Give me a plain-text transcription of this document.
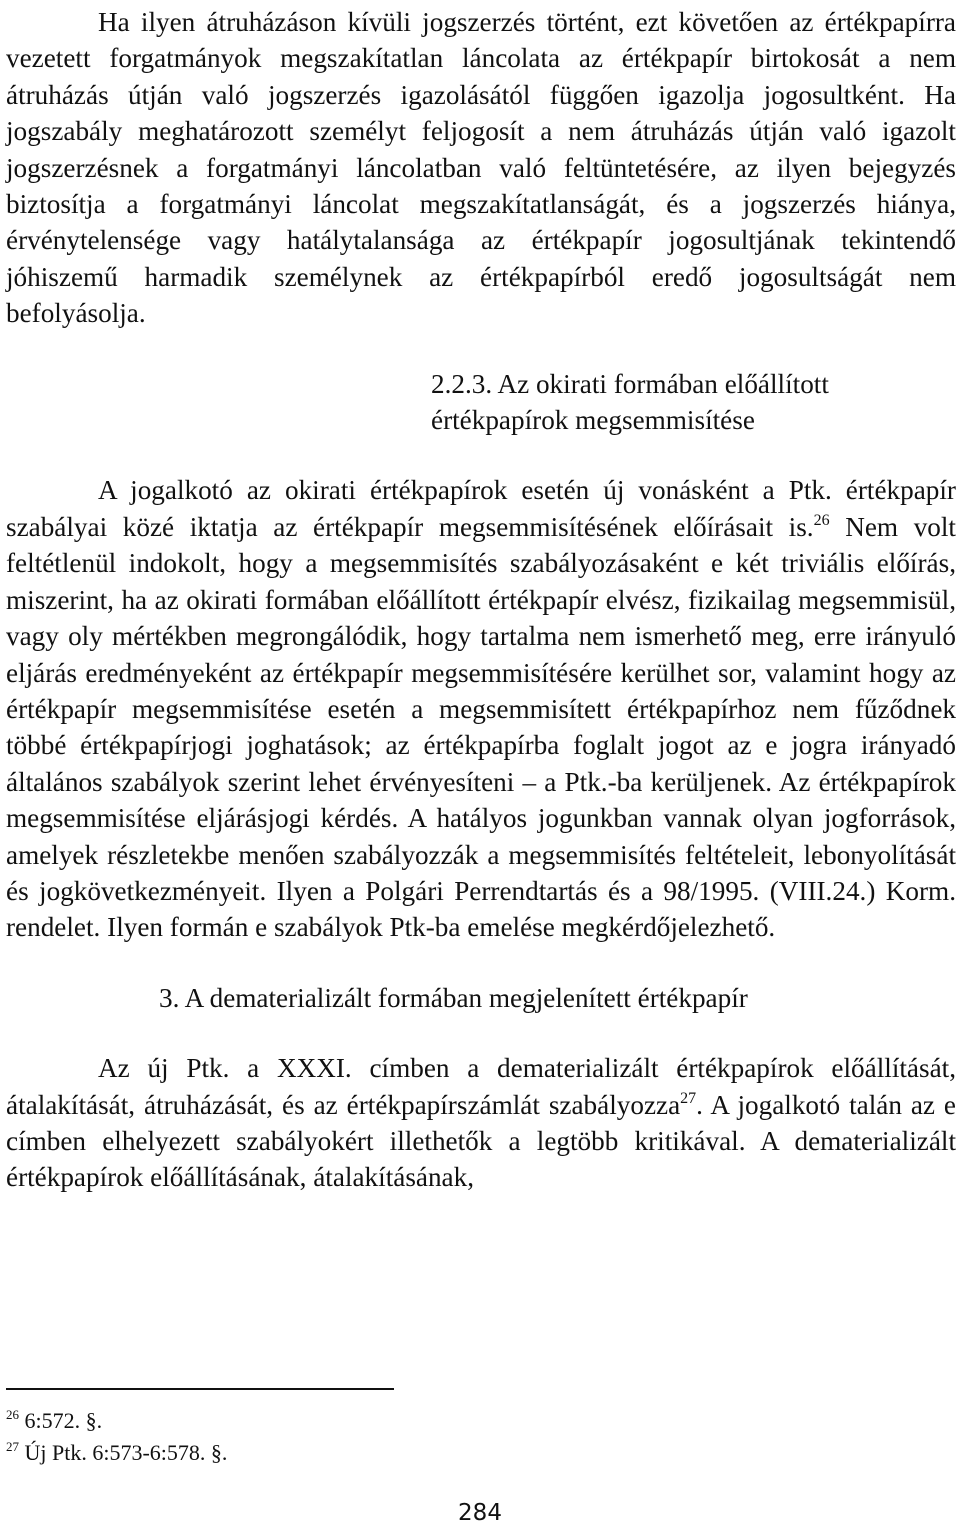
Ha ilyen átruházáson kívüli jogszerzés történt, ezt követően az értékpapírra vezetett forgatmányok megszakítatlan láncolata az értékpapír birtokosát a nem átruházás útján való jogszerzés igazolásától függően igazolja jogosultként. Ha jogszabály meghatározott személyt feljogosít a nem átruházás útján való igazolt jogszerzésnek a forgatmányi láncolatban való feltüntetésére, az ilyen bejegyzés biztosítja a forgatmányi láncolat megszakítatlanságát, és a jogszerzés hiánya, érvénytelensége vagy hatálytalansága az értékpapír jogosultjának tekintendő jóhiszemű harmadik személynek az értékpapírból eredő jogosultságát nem befolyásolja.

2.2.3. Az okirati formában előállított értékpapírok megsemmisítése

A jogalkotó az okirati értékpapírok esetén új vonásként a Ptk. értékpapír szabályai közé iktatja az értékpapír megsemmisítésének előírásait is.$^{26}$ Nem volt feltétlenül indokolt, hogy a megsemmisítés szabályozásaként e két triviális előírás, miszerint, ha az okirati formában előállított értékpapír elvész, fizikailag megsemmisül, vagy oly mértékben megrongálódik, hogy tartalma nem ismerhető meg, erre irányuló eljárás eredményeként az értékpapír megsemmisítésére kerülhet sor, valamint hogy az értékpapír megsemmisítése esetén a megsemmisített értékpapírhoz nem fűződnek többé értékpapírjogi joghatások; az értékpapírba foglalt jogot az e jogra irányadó általános szabályok szerint lehet érvényesíteni – a Ptk.-ba kerüljenek. Az értékpapírok megsemmisítése eljárásjogi kérdés. A hatályos jogunkban vannak olyan jogforrások, amelyek részletekbe menően szabályozzák a megsemmisítés feltételeit, lebonyolítását és jogkövetkezményeit. Ilyen a Polgári Perrendtartás és a 98/1995. (VIII.24.) Korm. rendelet. Ilyen formán e szabályok Ptk-ba emelése megkérdőjelezhető.

3. A dematerializált formában megjelenített értékpapír

Az új Ptk. a XXXI. címben a dematerializált értékpapírok előállítását, átalakítását, átruházását, és az értékpapírszámlát szabályozza$^{27}$. A jogalkotó talán az e címben elhelyezett szabályokért illethetők a legtöbb kritikával. A dematerializált értékpapírok előállításának, átalakításának,

$^{26}$ 6:572. §.
$^{27}$ Új Ptk. 6:573-6:578. §.
284
